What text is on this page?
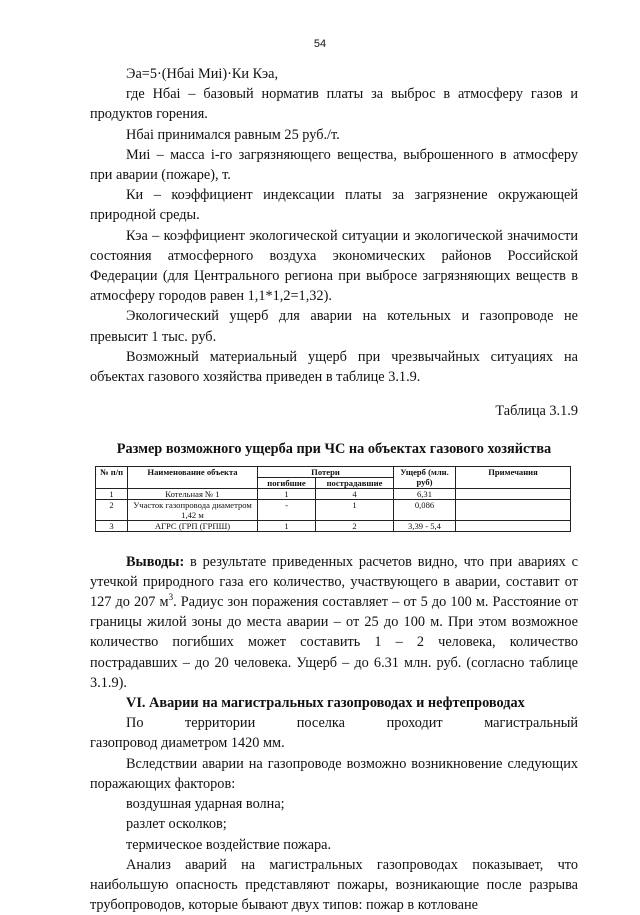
54

Эа=5·(Нбаі Миі)·Ки Кэа,

где Нбаі – базовый норматив платы за выброс в атмосферу газов и продуктов горения.

Нбаі принимался равным 25 руб./т.

Миі – масса і-го загрязняющего вещества, выброшенного в атмосферу при аварии (пожаре), т.

Ки – коэффициент индексации платы за загрязнение окружающей природной среды.

Кэа – коэффициент экологической ситуации и экологической значимости состояния атмосферного воздуха экономических районов Российской Федерации (для Центрального региона при выбросе загрязняющих веществ в атмосферу городов равен 1,1*1,2=1,32).

Экологический ущерб для аварии на котельных и газопроводе не превысит 1 тыс. руб.

Возможный материальный ущерб при чрезвычайных ситуациях на объектах газового хозяйства приведен в таблице 3.1.9.

Таблица 3.1.9

Размер возможного ущерба при ЧС на объектах газового хозяйства

№ п/п	Наименование объекта	Потери		Ущерб (млн. руб)	Примечания
		погибшие	пострадавшие		
1	Котельная № 1	1	4	6,31	
2	Участок газопровода диаметром 1,42 м	-	1	0,086	
3	АГРС (ГРП (ГРПШ)	1	2	3,39 - 5,4	

Выводы: в результате приведенных расчетов видно, что при авариях с утечкой природного газа его количество, участвующего в аварии, составит от 127 до 207 $м^3$. Радиус зон поражения составляет – от 5 до 100 м. Расстояние от границы жилой зоны до места аварии – от 25 до 100 м. При этом возможное количество погибших может составить 1 – 2 человека, количество пострадавших – до 20 человека. Ущерб – до 6.31 млн. руб. (согласно таблице 3.1.9).

VI. Аварии на магистральных газопроводах и нефтепроводах

По	территории	поселка	проходит	магистральный

газопровод диаметром 1420 мм.

Вследствии аварии на газопроводе возможно возникновение следующих поражающих факторов:

воздушная ударная волна;

разлет осколков;

термическое воздействие пожара.

Анализ аварий на магистральных газопроводах показывает, что наибольшую опасность представляют пожары, возникающие после разрыва трубопроводов, которые бывают двух типов: пожар в котловане
